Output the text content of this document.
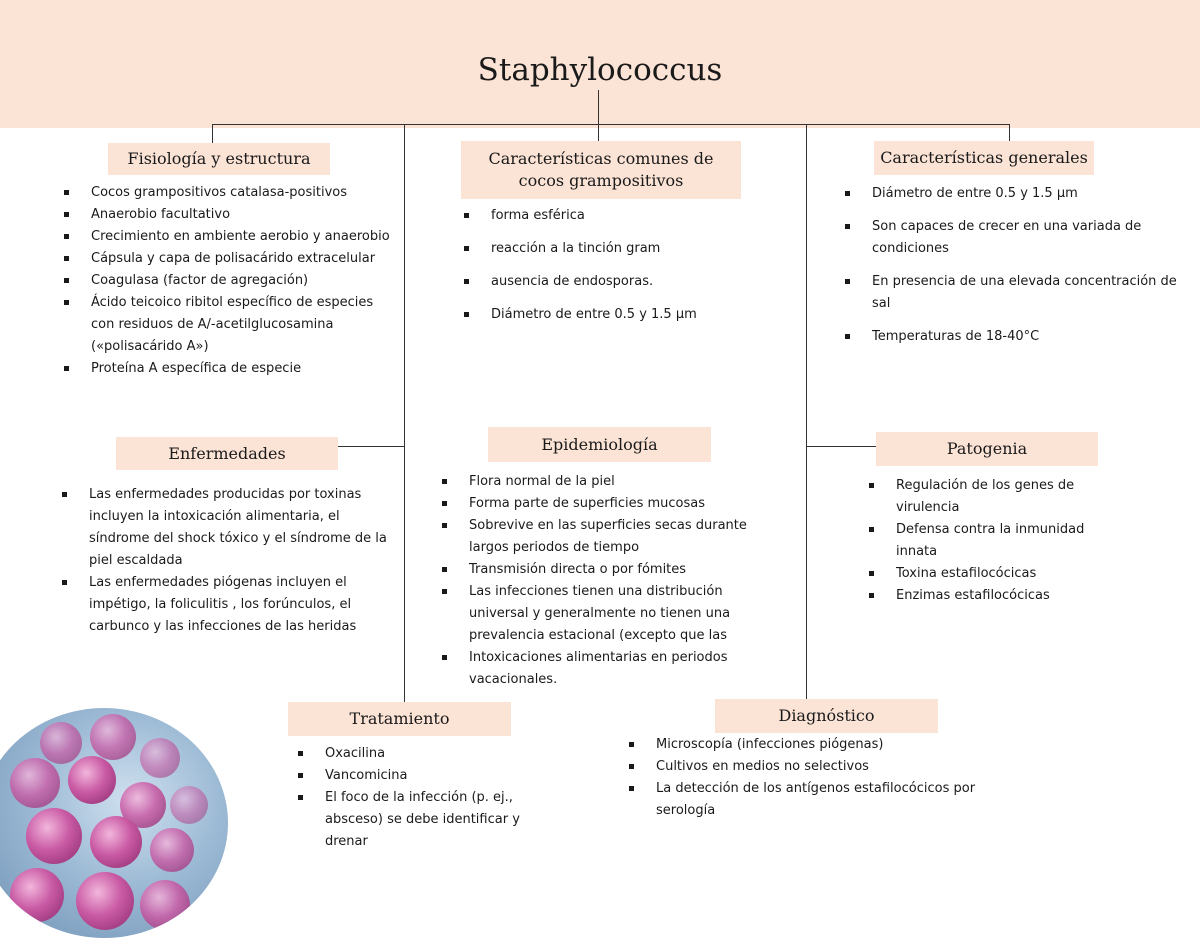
Staphylococcus
Fisiología y estructura
Cocos grampositivos catalasa-positivos
Anaerobio facultativo
Crecimiento en ambiente aerobio y anaerobio
Cápsula y capa de polisacárido extracelular
Coagulasa (factor de agregación)
Ácido teicoico ribitol específico de especies con residuos de A/-acetilglucosamina («polisacárido A»)
Proteína A específica de especie
Características comunes de cocos grampositivos
forma esférica
reacción a la tinción gram
ausencia de endosporas.
Diámetro de entre 0.5 y 1.5 µm
Características generales
Diámetro de entre 0.5 y 1.5 µm
Son capaces de crecer en una variada de condiciones
En presencia de una elevada concentración de sal
Temperaturas de 18-40°C
Enfermedades
Las enfermedades producidas por toxinas incluyen la intoxicación alimentaria, el síndrome del shock tóxico y el síndrome de la piel escaldada
Las enfermedades piógenas incluyen el impétigo, la foliculitis , los forúnculos, el carbunco y las infecciones de las heridas
Epidemiología
Flora normal de la piel
Forma parte de superficies mucosas
Sobrevive en las superficies secas durante largos periodos de tiempo
Transmisión directa o por fómites
Las infecciones tienen una distribución universal y generalmente no tienen una prevalencia estacional (excepto que las
Intoxicaciones alimentarias en periodos vacacionales.
Patogenia
Regulación de los genes de virulencia
Defensa contra la inmunidad innata
Toxina estafilocócicas
Enzimas estafilocócicas
Tratamiento
Oxacilina
Vancomicina
El foco de la infección (p. ej., absceso) se debe identificar y drenar
Diagnóstico
Microscopía (infecciones piógenas)
Cultivos en medios no selectivos
La detección de los antígenos estafilocócicos por serología
